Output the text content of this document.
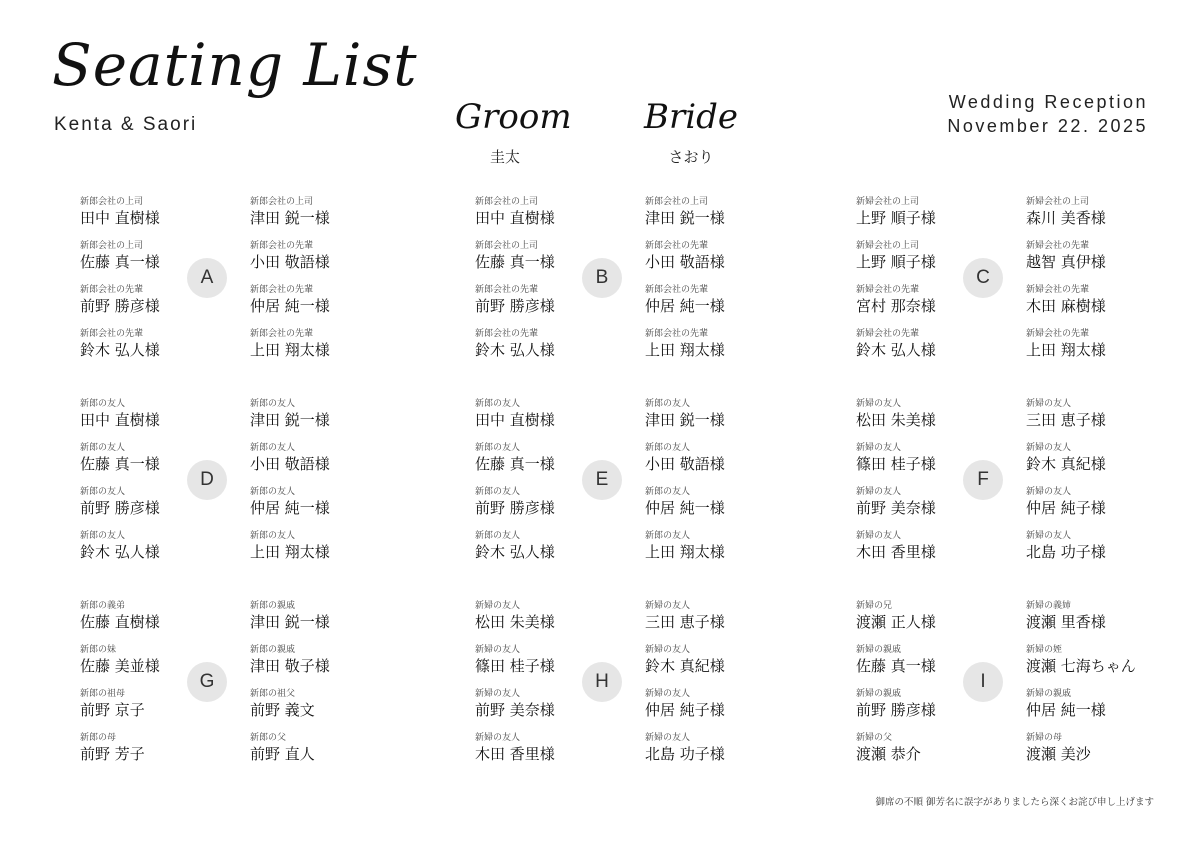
Seating List
Kenta & Saori	Groom
圭太
Bride
さおり
Wedding Reception
November 22. 2025
新郎会社の上司
田中 直樹様
新郎会社の上司
佐藤 真一様
新郎会社の先輩
前野 勝彦様
新郎会社の先輩
鈴木 弘人様
新郎会社の上司
津田 鋭一様
新郎会社の先輩
小田 敬語様
新郎会社の先輩
仲居 純一様
新郎会社の先輩
上田 翔太様
A
新郎会社の上司
田中 直樹様
新郎会社の上司
佐藤 真一様
新郎会社の先輩
前野 勝彦様
新郎会社の先輩
鈴木 弘人様
新郎会社の上司
津田 鋭一様
新郎会社の先輩
小田 敬語様
新郎会社の先輩
仲居 純一様
新郎会社の先輩
上田 翔太様
B
新婦会社の上司
上野 順子様
新婦会社の上司
上野 順子様
新婦会社の先輩
宮村 那奈様
新婦会社の先輩
鈴木 弘人様
新婦会社の上司
森川 美香様
新婦会社の先輩
越智 真伊様
新婦会社の先輩
木田 麻樹様
新婦会社の先輩
上田 翔太様
C
新郎の友人
田中 直樹様
新郎の友人
佐藤 真一様
新郎の友人
前野 勝彦様
新郎の友人
鈴木 弘人様
新郎の友人
津田 鋭一様
新郎の友人
小田 敬語様
新郎の友人
仲居 純一様
新郎の友人
上田 翔太様
D
新郎の友人
田中 直樹様
新郎の友人
佐藤 真一様
新郎の友人
前野 勝彦様
新郎の友人
鈴木 弘人様
新郎の友人
津田 鋭一様
新郎の友人
小田 敬語様
新郎の友人
仲居 純一様
新郎の友人
上田 翔太様
E
新婦の友人
松田 朱美様
新婦の友人
篠田 桂子様
新婦の友人
前野 美奈様
新婦の友人
木田 香里様
新婦の友人
三田 恵子様
新婦の友人
鈴木 真紀様
新婦の友人
仲居 純子様
新婦の友人
北島 功子様
F
新郎の義弟
佐藤 直樹様
新郎の妹
佐藤 美並様
新郎の祖母
前野 京子
新郎の母
前野 芳子
新郎の親戚
津田 鋭一様
新郎の親戚
津田 敬子様
新郎の祖父
前野 義文
新郎の父
前野 直人
G
新婦の友人
松田 朱美様
新婦の友人
篠田 桂子様
新婦の友人
前野 美奈様
新婦の友人
木田 香里様
新婦の友人
三田 恵子様
新婦の友人
鈴木 真紀様
新婦の友人
仲居 純子様
新婦の友人
北島 功子様
H
新婦の兄
渡瀬 正人様
新婦の親戚
佐藤 真一様
新婦の親戚
前野 勝彦様
新婦の父
渡瀬 恭介
新婦の義姉
渡瀬 里香様
新婦の姪
渡瀬 七海ちゃん
新婦の親戚
仲居 純一様
新婦の母
渡瀬 美沙
I
御席の不順 御芳名に誤字がありましたら深くお詫び申し上げます
